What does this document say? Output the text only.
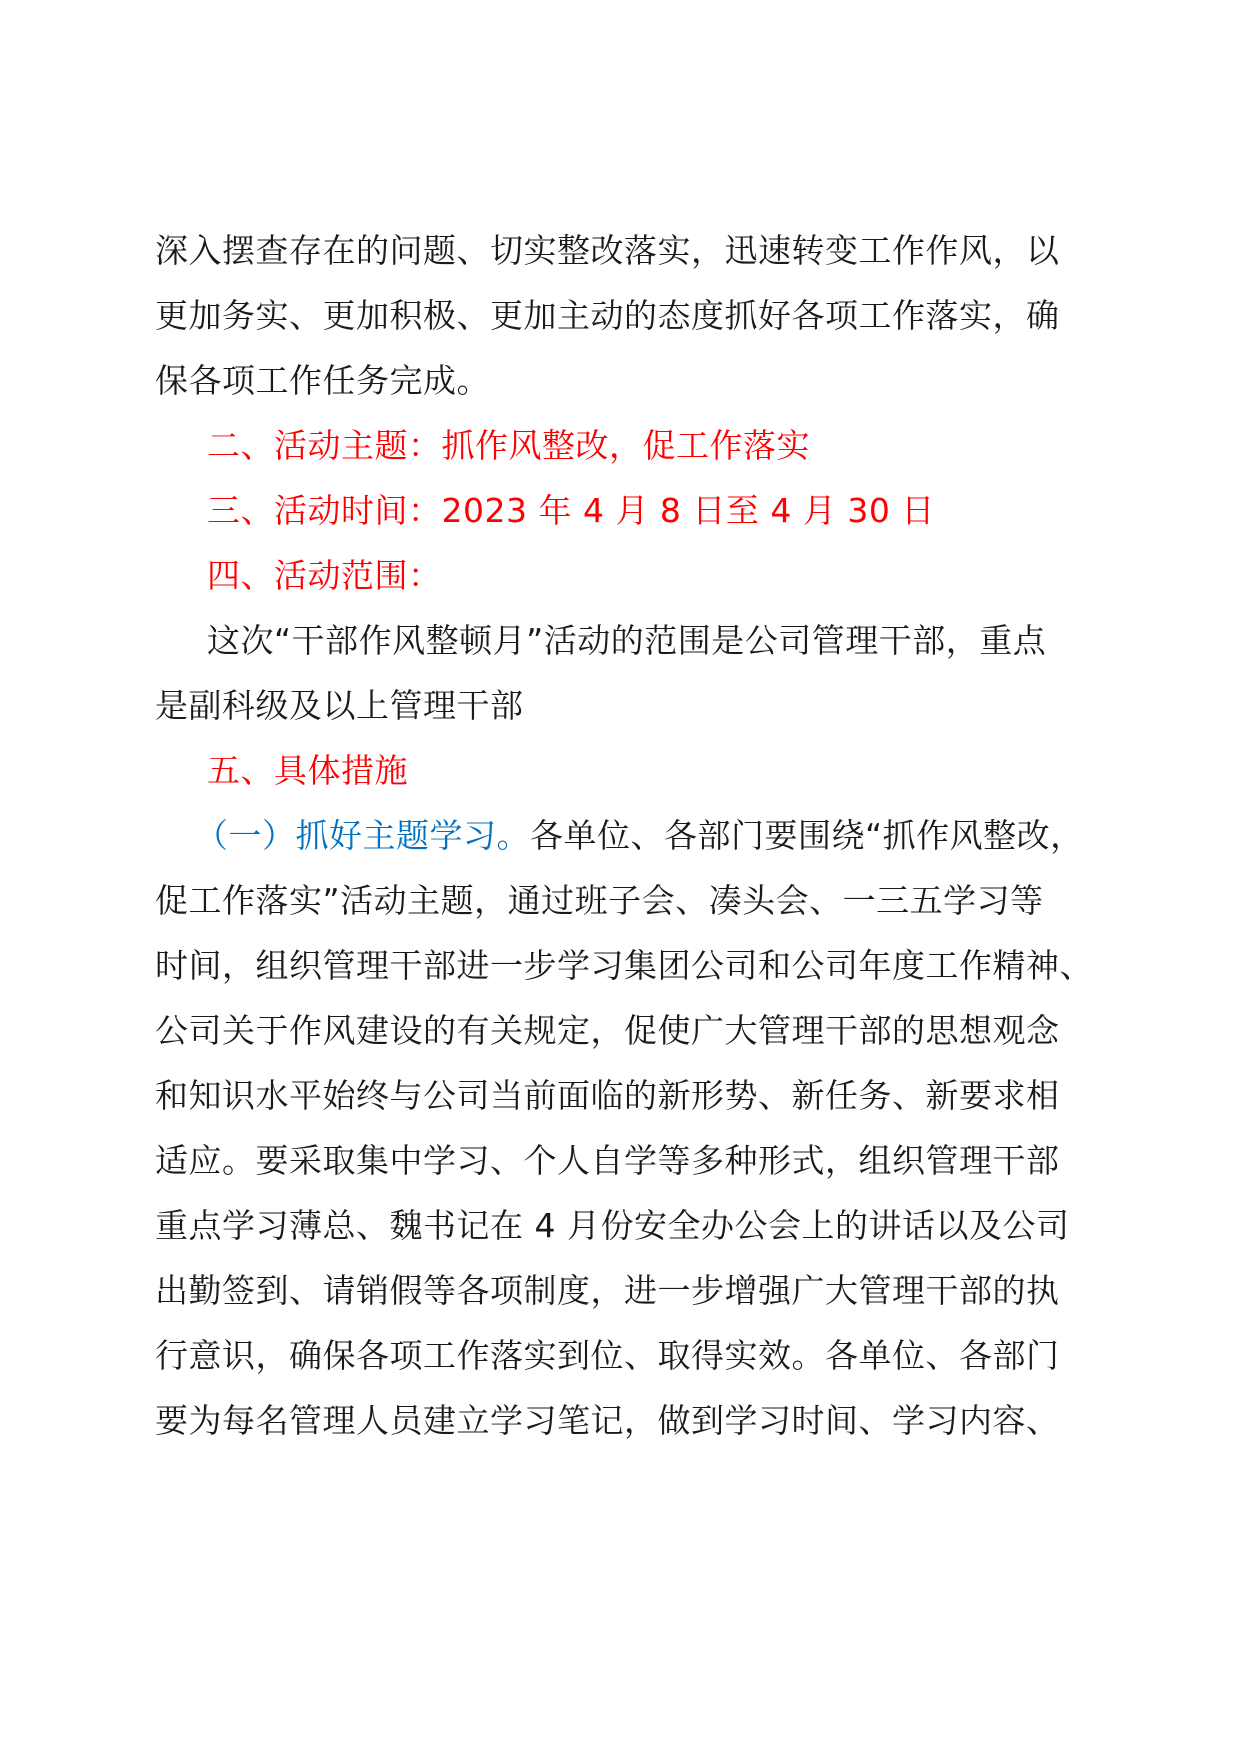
深入摆查存在的问题、切实整改落实，迅速转变工作作风，以
更加务实、更加积极、更加主动的态度抓好各项工作落实，确
保各项工作任务完成。
二、活动主题：抓作风整改，促工作落实
三、活动时间：2023 年 4 月 8 日至 4 月 30 日
四、活动范围：
这次“干部作风整顿月”活动的范围是公司管理干部，重点
是副科级及以上管理干部
五、具体措施
（一）抓好主题学习。各单位、各部门要围绕“抓作风整改，
促工作落实”活动主题，通过班子会、凑头会、一三五学习等
时间，组织管理干部进一步学习集团公司和公司年度工作精神、
公司关于作风建设的有关规定，促使广大管理干部的思想观念
和知识水平始终与公司当前面临的新形势、新任务、新要求相
适应。要采取集中学习、个人自学等多种形式，组织管理干部
重点学习薄总、魏书记在 4 月份安全办公会上的讲话以及公司
出勤签到、请销假等各项制度，进一步增强广大管理干部的执
行意识，确保各项工作落实到位、取得实效。各单位、各部门
要为每名管理人员建立学习笔记，做到学习时间、学习内容、
